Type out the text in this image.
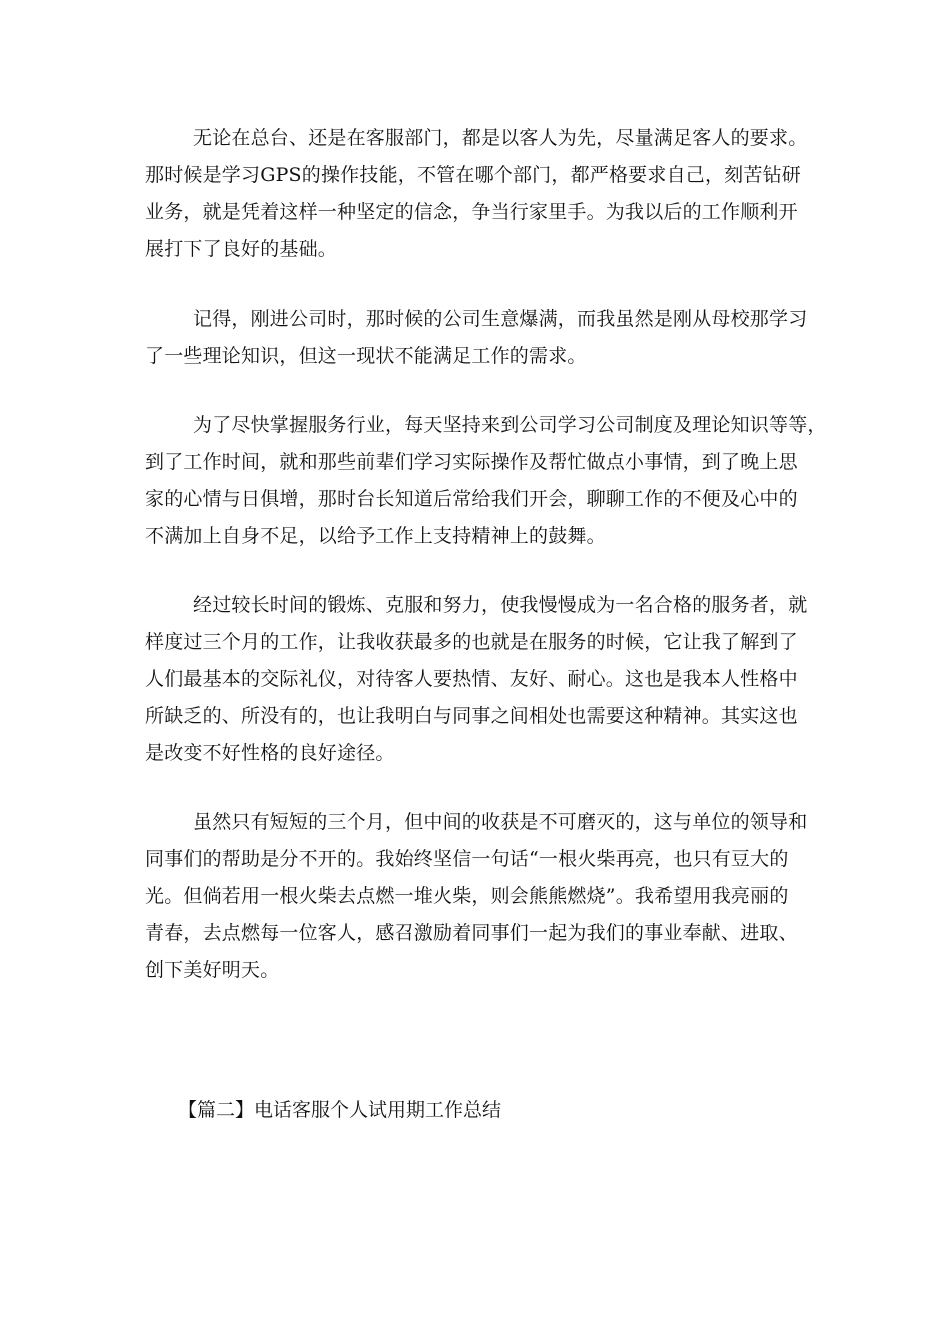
无论在总台、还是在客服部门，都是以客人为先，尽量满足客人的要求。
那时候是学习GPS的操作技能，不管在哪个部门，都严格要求自己，刻苦钻研
业务，就是凭着这样一种坚定的信念，争当行家里手。为我以后的工作顺利开
展打下了良好的基础。

记得，刚进公司时，那时候的公司生意爆满，而我虽然是刚从母校那学习
了一些理论知识，但这一现状不能满足工作的需求。

为了尽快掌握服务行业，每天坚持来到公司学习公司制度及理论知识等等，
到了工作时间，就和那些前辈们学习实际操作及帮忙做点小事情，到了晚上思
家的心情与日俱增，那时台长知道后常给我们开会，聊聊工作的不便及心中的
不满加上自身不足，以给予工作上支持精神上的鼓舞。

经过较长时间的锻炼、克服和努力，使我慢慢成为一名合格的服务者，就
样度过三个月的工作，让我收获最多的也就是在服务的时候，它让我了解到了
人们最基本的交际礼仪，对待客人要热情、友好、耐心。这也是我本人性格中
所缺乏的、所没有的，也让我明白与同事之间相处也需要这种精神。其实这也
是改变不好性格的良好途径。

虽然只有短短的三个月，但中间的收获是不可磨灭的，这与单位的领导和
同事们的帮助是分不开的。我始终坚信一句话“一根火柴再亮，也只有豆大的
光。但倘若用一根火柴去点燃一堆火柴，则会熊熊燃烧”。我希望用我亮丽的
青春，去点燃每一位客人，感召激励着同事们一起为我们的事业奉献、进取、
创下美好明天。

【篇二】电话客服个人试用期工作总结
